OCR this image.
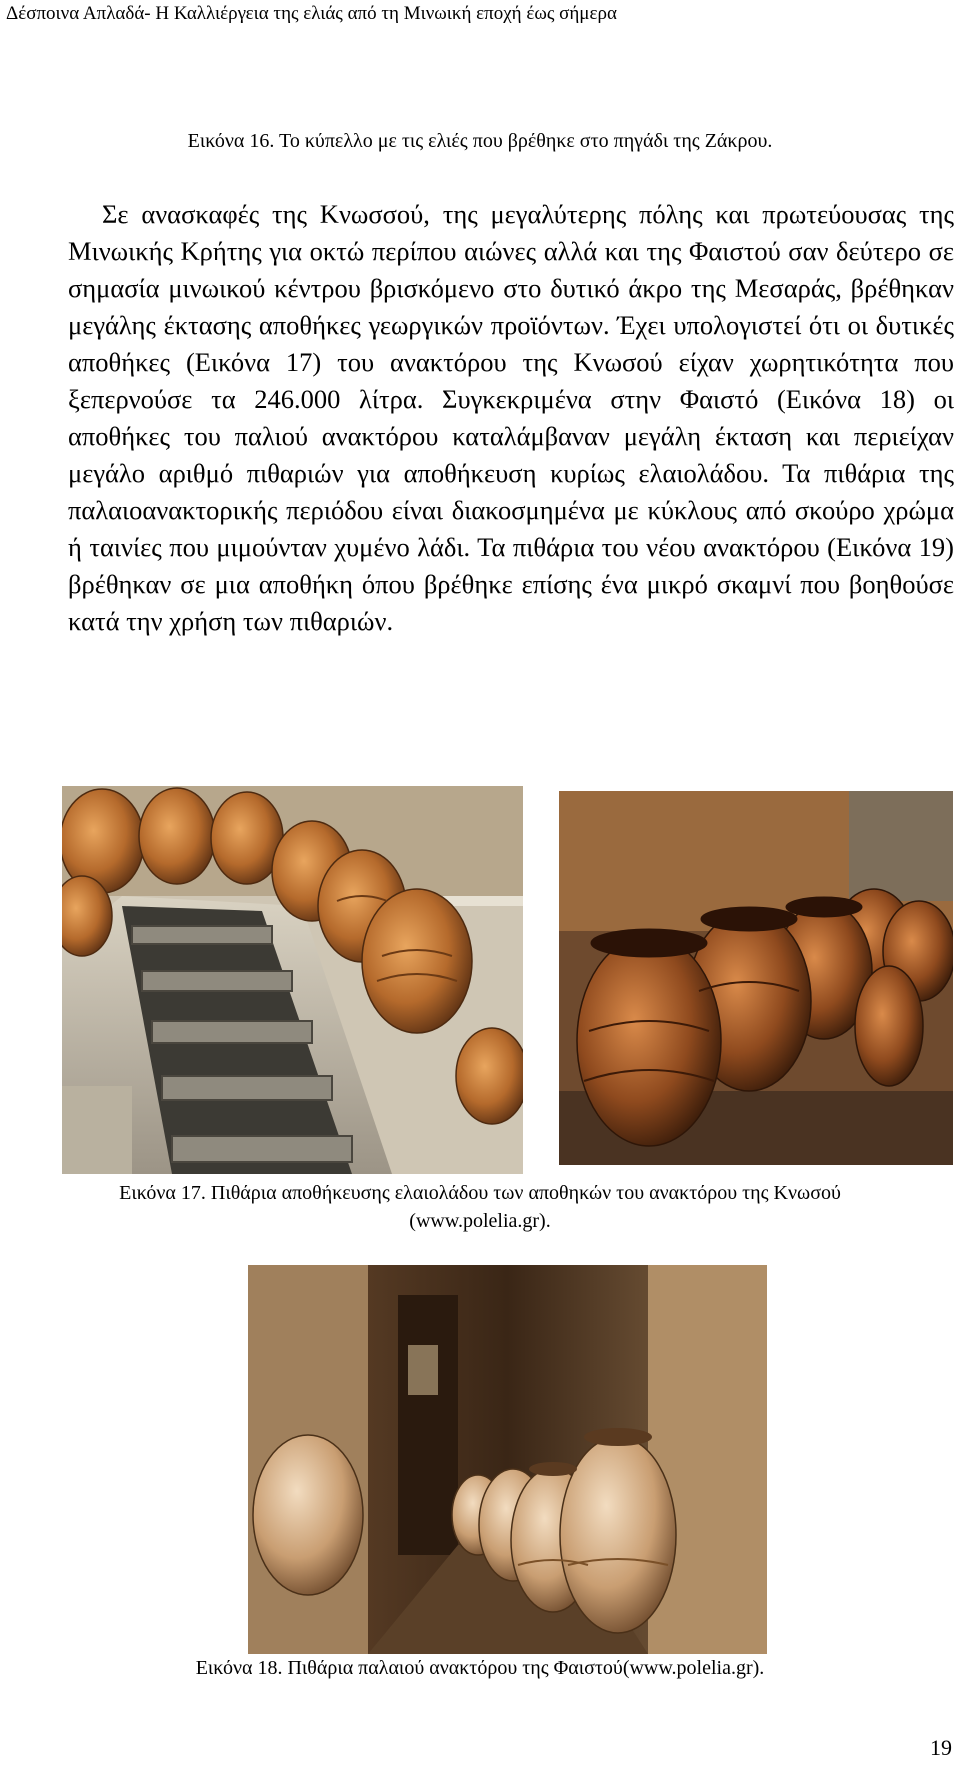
Δέσποινα Απλαδά- Η Καλλιέργεια της ελιάς από τη Μινωική εποχή έως σήμερα
Εικόνα 16. Το κύπελλο με τις ελιές που βρέθηκε στο πηγάδι της Ζάκρου.

Σε ανασκαφές της Κνωσσού, της μεγαλύτερης πόλης και πρωτεύουσας της Μινωικής Κρήτης για οκτώ περίπου αιώνες αλλά και της Φαιστού σαν δεύτερο σε σημασία μινωικού κέντρου βρισκόμενο στο δυτικό άκρο της Μεσαράς, βρέθηκαν μεγάλης έκτασης αποθήκες γεωργικών προϊόντων. Έχει υπολογιστεί ότι οι δυτικές αποθήκες (Εικόνα 17) του ανακτόρου της Κνωσού είχαν χωρητικότητα που ξεπερνούσε τα 246.000 λίτρα. Συγκεκριμένα στην Φαιστό (Εικόνα 18) οι αποθήκες του παλιού ανακτόρου καταλάμβαναν μεγάλη έκταση και περιείχαν μεγάλο αριθμό πιθαριών για αποθήκευση κυρίως ελαιολάδου. Τα πιθάρια της παλαιοανακτορικής περιόδου είναι διακοσμημένα με κύκλους από σκούρο χρώμα ή ταινίες που μιμούνταν χυμένο λάδι. Τα πιθάρια του νέου ανακτόρου (Εικόνα 19) βρέθηκαν σε μια αποθήκη όπου βρέθηκε επίσης ένα μικρό σκαμνί που βοηθούσε κατά την χρήση των πιθαριών.

Εικόνα 17. Πιθάρια αποθήκευσης ελαιολάδου των αποθηκών του ανακτόρου της Κνωσού
(www.polelia.gr).
Εικόνα 18. Πιθάρια παλαιού ανακτόρου της Φαιστού(www.polelia.gr).
19
